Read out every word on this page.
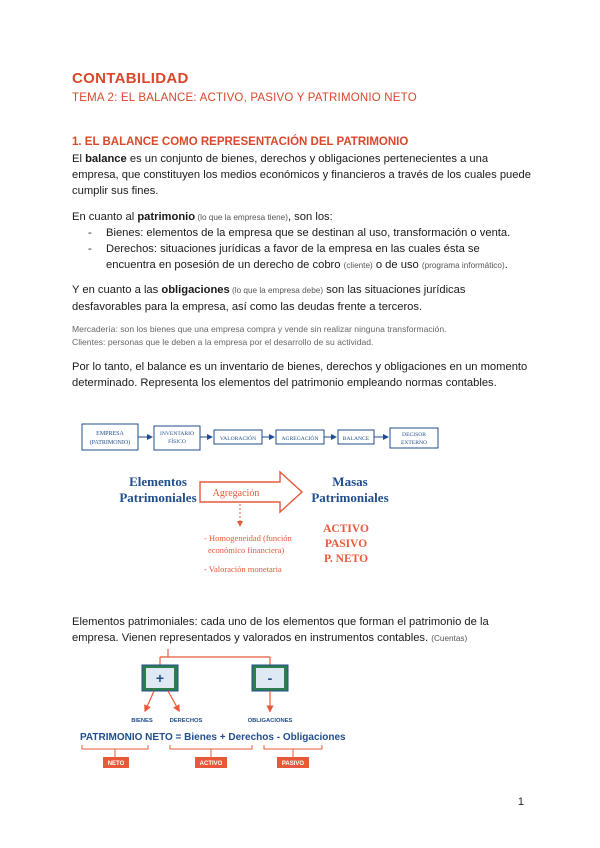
CONTABILIDAD
TEMA 2: EL BALANCE: ACTIVO, PASIVO Y PATRIMONIO NETO
1. EL BALANCE COMO REPRESENTACIÓN DEL PATRIMONIO
El balance es un conjunto de bienes, derechos y obligaciones pertenecientes a una empresa, que constituyen los medios económicos y financieros a través de los cuales puede cumplir sus fines.
En cuanto al patrimonio (lo que la empresa tiene), son los:
- Bienes: elementos de la empresa que se destinan al uso, transformación o venta.
- Derechos: situaciones jurídicas a favor de la empresa en las cuales ésta se encuentra en posesión de un derecho de cobro (cliente) o de uso (programa informático).
Y en cuanto a las obligaciones (lo que la empresa debe) son las situaciones jurídicas desfavorables para la empresa, así como las deudas frente a terceros.
Mercadería: son los bienes que una empresa compra y vende sin realizar ninguna transformación.
Clientes: personas que le deben a la empresa por el desarrollo de su actividad.
Por lo tanto, el balance es un inventario de bienes, derechos y obligaciones en un momento determinado. Representa los elementos del patrimonio empleando normas contables.
EMPRESA
(PATRIMONIO)
INVENTARIO
FÍSICO	VALORACIÓN	AGREGACIÓN	BALANCE
DECISOR
EXTERNO
Elementos
Patrimoniales Agregación
Masas
Patrimoniales
- Homogeneidad (función
económico financiera)
- Valoración monetaria
ACTIVO
PASIVO
P. NETO
Elementos patrimoniales: cada uno de los elementos que forman el patrimonio de la empresa. Vienen representados y valorados en instrumentos contables. (Cuentas)
+	-
BIENES	DERECHOS	OBLIGACIONES
PATRIMONIO NETO = Bienes + Derechos - Obligaciones
NETO	ACTIVO	PASIVO
1
